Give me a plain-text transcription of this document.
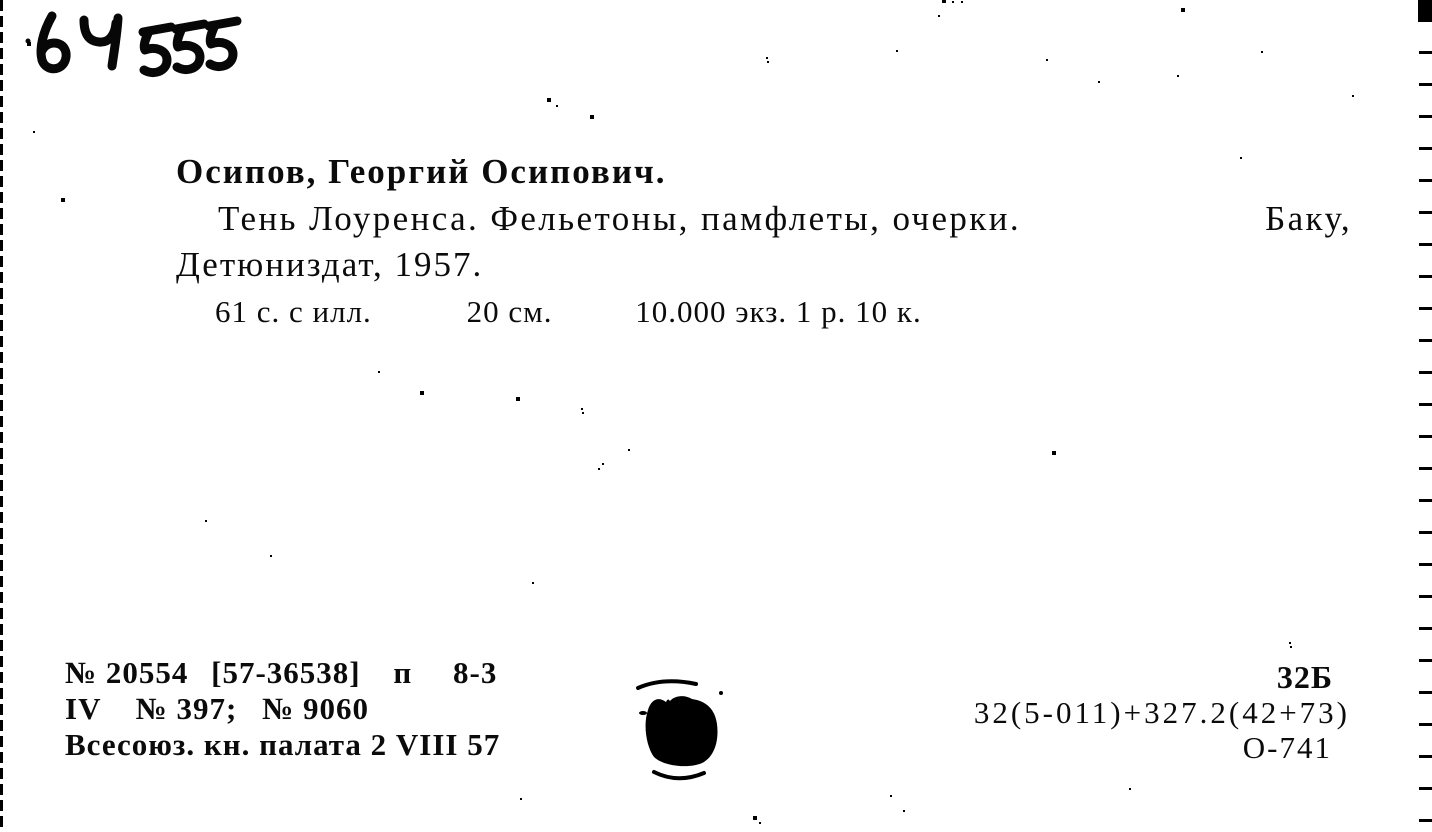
Осипов, Георгий Осипович.
Тень Лоуренса. Фельетоны, памфлеты, очерки.	Баку,
Детюниздат, 1957.
61 с. с илл.	20 см.	10.000 экз. 1 р. 10 к.
№ 20554 [57-36538] п 8-3
IV № 397; № 9060
Всесоюз. кн. палата 2 VIII 57
32Б
32(5-011)+327.2(42+73)
О-741
